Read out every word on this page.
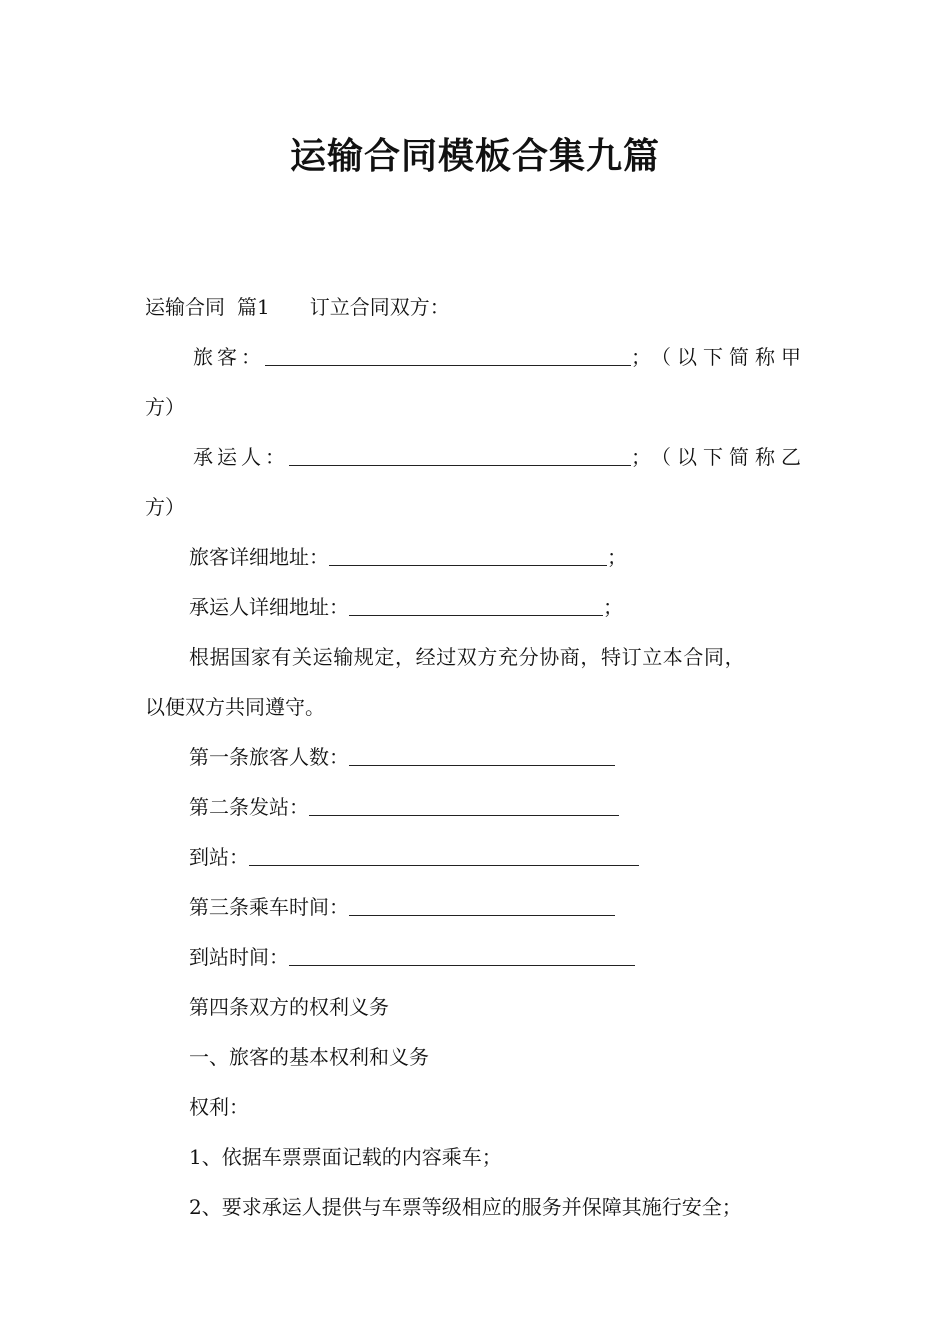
运输合同模板合集九篇
运输合同 篇1 订立合同双方：
旅客：	； （以下简称甲
方）
承运人：	； （以下简称乙
方）
旅客详细地址：	；
承运人详细地址：	；
根据国家有关运输规定，经过双方充分协商，特订立本合同，
以便双方共同遵守。
第一条旅客人数：
第二条发站：
到站：
第三条乘车时间：
到站时间：
第四条双方的权利义务
一、旅客的基本权利和义务
权利：
1、依据车票票面记载的内容乘车；
2、要求承运人提供与车票等级相应的服务并保障其施行安全；
